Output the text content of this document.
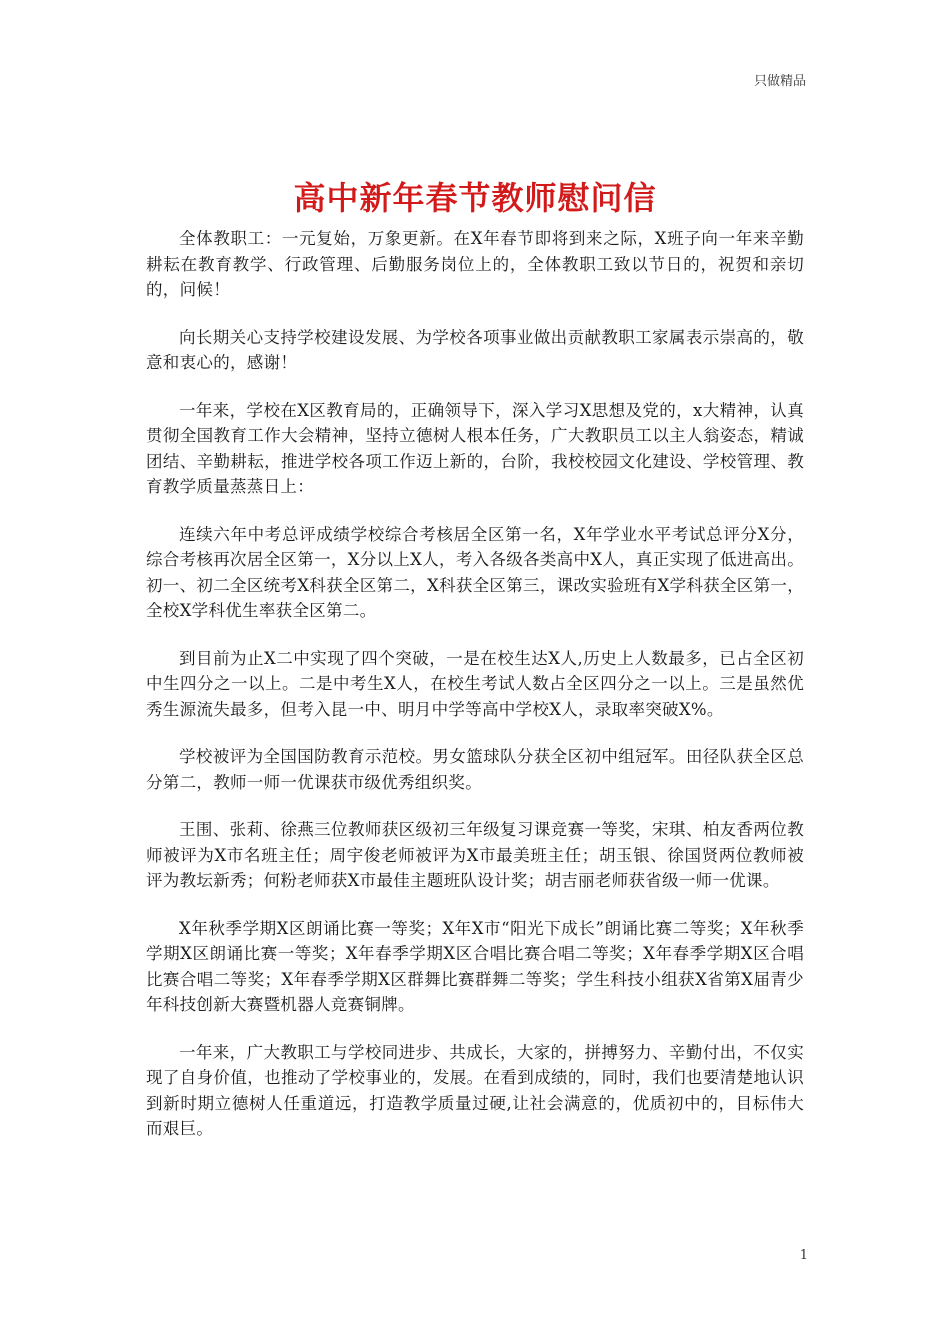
只做精品
高中新年春节教师慰问信

全体教职工：一元复始，万象更新。在X年春节即将到来之际，X班子向一年来辛勤耕耘在教育教学、行政管理、后勤服务岗位上的，全体教职工致以节日的，祝贺和亲切的，问候！

向长期关心支持学校建设发展、为学校各项事业做出贡献教职工家属表示崇高的，敬意和衷心的，感谢！

一年来，学校在X区教育局的，正确领导下，深入学习X思想及党的，x大精神，认真贯彻全国教育工作大会精神，坚持立德树人根本任务，广大教职员工以主人翁姿态，精诚团结、辛勤耕耘，推进学校各项工作迈上新的，台阶，我校校园文化建设、学校管理、教育教学质量蒸蒸日上：

连续六年中考总评成绩学校综合考核居全区第一名，X年学业水平考试总评分X分，综合考核再次居全区第一，X分以上X人，考入各级各类高中X人，真正实现了低进高出。初一、初二全区统考X科获全区第二，X科获全区第三，课改实验班有X学科获全区第一，全校X学科优生率获全区第二。

到目前为止X二中实现了四个突破，一是在校生达X人,历史上人数最多，已占全区初中生四分之一以上。二是中考生X人，在校生考试人数占全区四分之一以上。三是虽然优秀生源流失最多，但考入昆一中、明月中学等高中学校X人，录取率突破X%。

学校被评为全国国防教育示范校。男女篮球队分获全区初中组冠军。田径队获全区总分第二，教师一师一优课获市级优秀组织奖。

王围、张莉、徐燕三位教师获区级初三年级复习课竞赛一等奖，宋琪、柏友香两位教师被评为X市名班主任；周宇俊老师被评为X市最美班主任；胡玉银、徐国贤两位教师被评为教坛新秀；何粉老师获X市最佳主题班队设计奖；胡吉丽老师获省级一师一优课。

X年秋季学期X区朗诵比赛一等奖；X年X市“阳光下成长”朗诵比赛二等奖；X年秋季学期X区朗诵比赛一等奖；X年春季学期X区合唱比赛合唱二等奖；X年春季学期X区合唱比赛合唱二等奖；X年春季学期X区群舞比赛群舞二等奖；学生科技小组获X省第X届青少年科技创新大赛暨机器人竞赛铜牌。

一年来，广大教职工与学校同进步、共成长，大家的，拼搏努力、辛勤付出，不仅实现了自身价值，也推动了学校事业的，发展。在看到成绩的，同时，我们也要清楚地认识到新时期立德树人任重道远，打造教学质量过硬,让社会满意的，优质初中的，目标伟大而艰巨。

1
